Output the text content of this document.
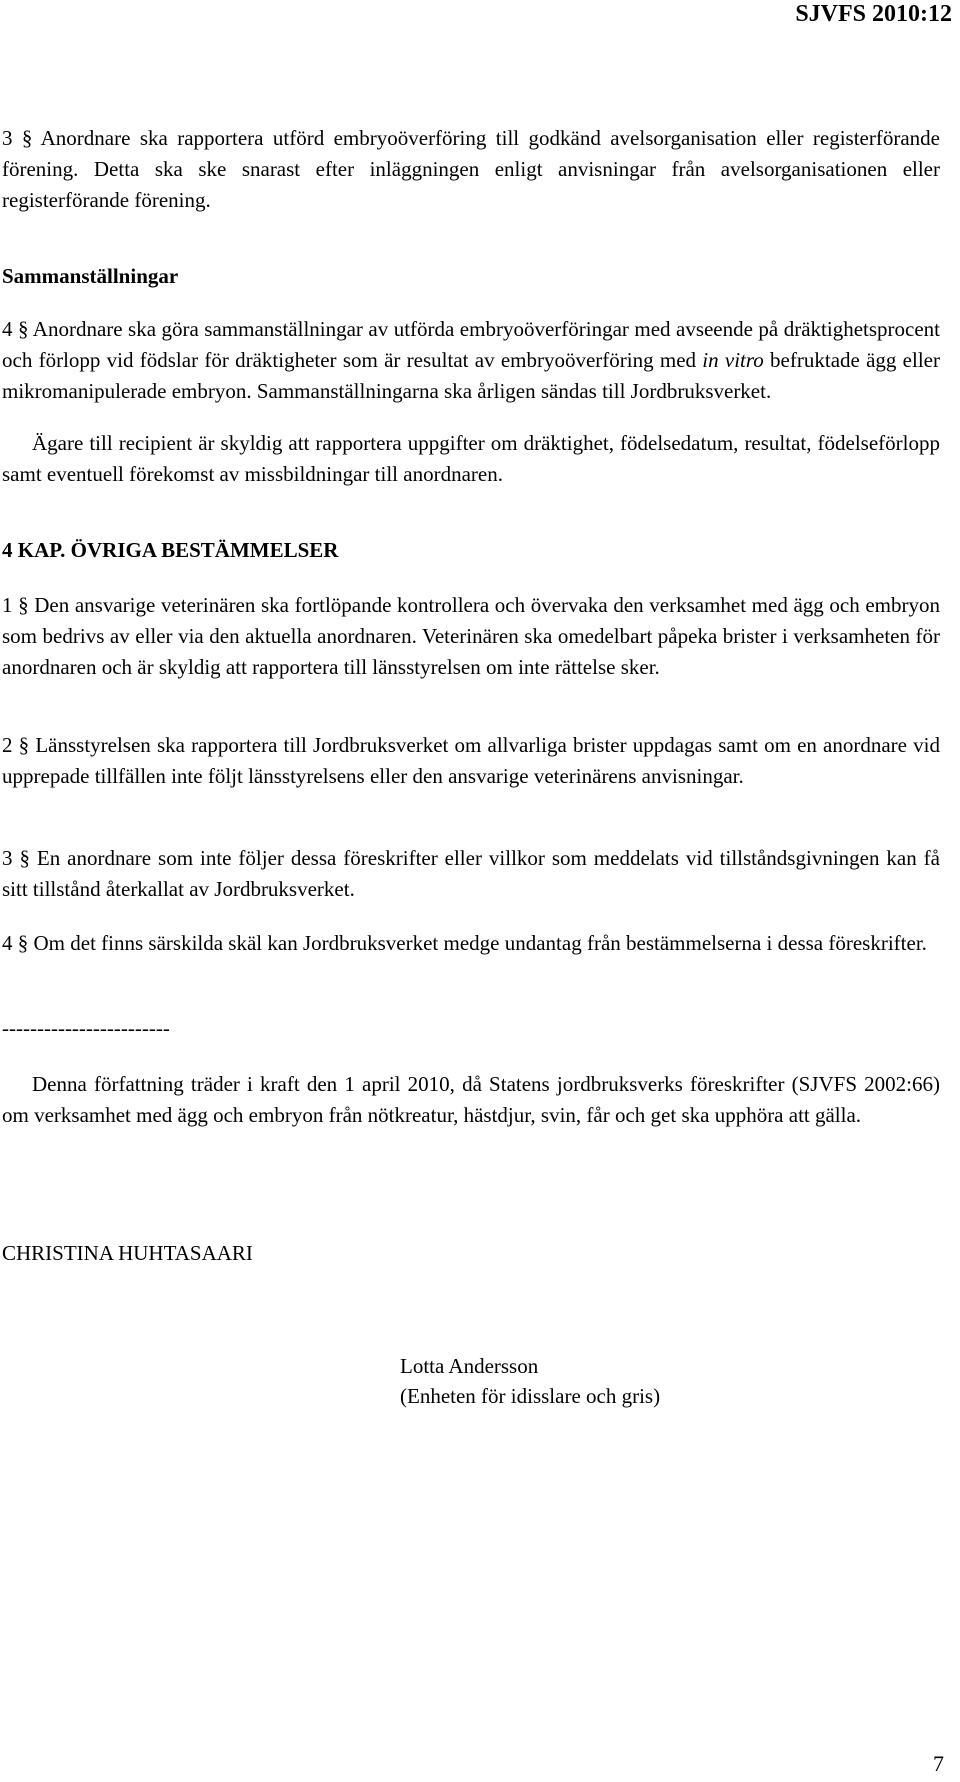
SJVFS 2010:12

3 § Anordnare ska rapportera utförd embryoöverföring till godkänd avelsorganisation eller registerförande förening. Detta ska ske snarast efter inläggningen enligt anvisningar från avelsorganisationen eller registerförande förening.

Sammanställningar

4 § Anordnare ska göra sammanställningar av utförda embryoöverföringar med avseende på dräktighetsprocent och förlopp vid födslar för dräktigheter som är resultat av embryoöverföring med in vitro befruktade ägg eller mikromanipulerade embryon. Sammanställningarna ska årligen sändas till Jordbruksverket.

Ägare till recipient är skyldig att rapportera uppgifter om dräktighet, födelsedatum, resultat, födelseförlopp samt eventuell förekomst av missbildningar till anordnaren.

4 KAP. ÖVRIGA BESTÄMMELSER

1 § Den ansvarige veterinären ska fortlöpande kontrollera och övervaka den verksamhet med ägg och embryon som bedrivs av eller via den aktuella anordnaren. Veterinären ska omedelbart påpeka brister i verksamheten för anordnaren och är skyldig att rapportera till länsstyrelsen om inte rättelse sker.

2 § Länsstyrelsen ska rapportera till Jordbruksverket om allvarliga brister uppdagas samt om en anordnare vid upprepade tillfällen inte följt länsstyrelsens eller den ansvarige veterinärens anvisningar.

3 § En anordnare som inte följer dessa föreskrifter eller villkor som meddelats vid tillståndsgivningen kan få sitt tillstånd återkallat av Jordbruksverket.

4 § Om det finns särskilda skäl kan Jordbruksverket medge undantag från bestämmelserna i dessa föreskrifter.

------------------------

Denna författning träder i kraft den 1 april 2010, då Statens jordbruksverks föreskrifter (SJVFS 2002:66) om verksamhet med ägg och embryon från nötkreatur, hästdjur, svin, får och get ska upphöra att gälla.

CHRISTINA HUHTASAARI

Lotta Andersson

(Enheten för idisslare och gris)

7
